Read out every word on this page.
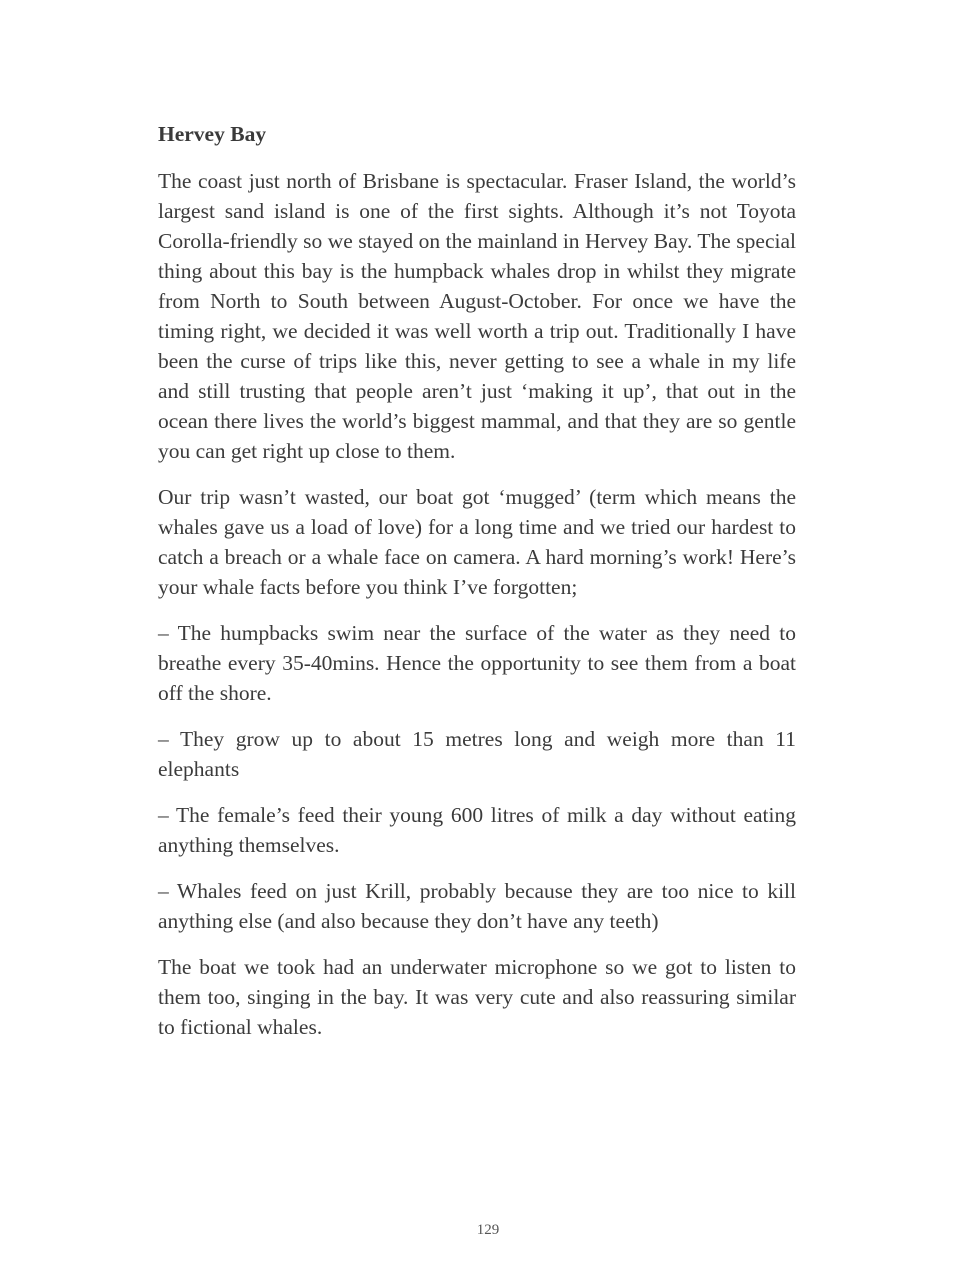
Hervey Bay

The coast just north of Brisbane is spectacular. Fraser Island, the world’s largest sand island is one of the first sights. Although it’s not Toyota Corolla-friendly so we stayed on the mainland in Hervey Bay. The special thing about this bay is the humpback whales drop in whilst they migrate from North to South between August-October. For once we have the timing right, we decided it was well worth a trip out. Traditionally I have been the curse of trips like this, never getting to see a whale in my life and still trusting that people aren’t just ‘making it up’, that out in the ocean there lives the world’s biggest mammal, and that they are so gentle you can get right up close to them.

Our trip wasn’t wasted, our boat got ‘mugged’ (term which means the whales gave us a load of love) for a long time and we tried our hardest to catch a breach or a whale face on camera. A hard morning’s work! Here’s your whale facts before you think I’ve forgotten;

– The humpbacks swim near the surface of the water as they need to breathe every 35-40mins. Hence the opportunity to see them from a boat off the shore.

– They grow up to about 15 metres long and weigh more than 11 elephants

– The female’s feed their young 600 litres of milk a day without eating anything themselves.

– Whales feed on just Krill, probably because they are too nice to kill anything else (and also because they don’t have any teeth)

The boat we took had an underwater microphone so we got to listen to them too, singing in the bay. It was very cute and also reassuring similar to fictional whales.

129
